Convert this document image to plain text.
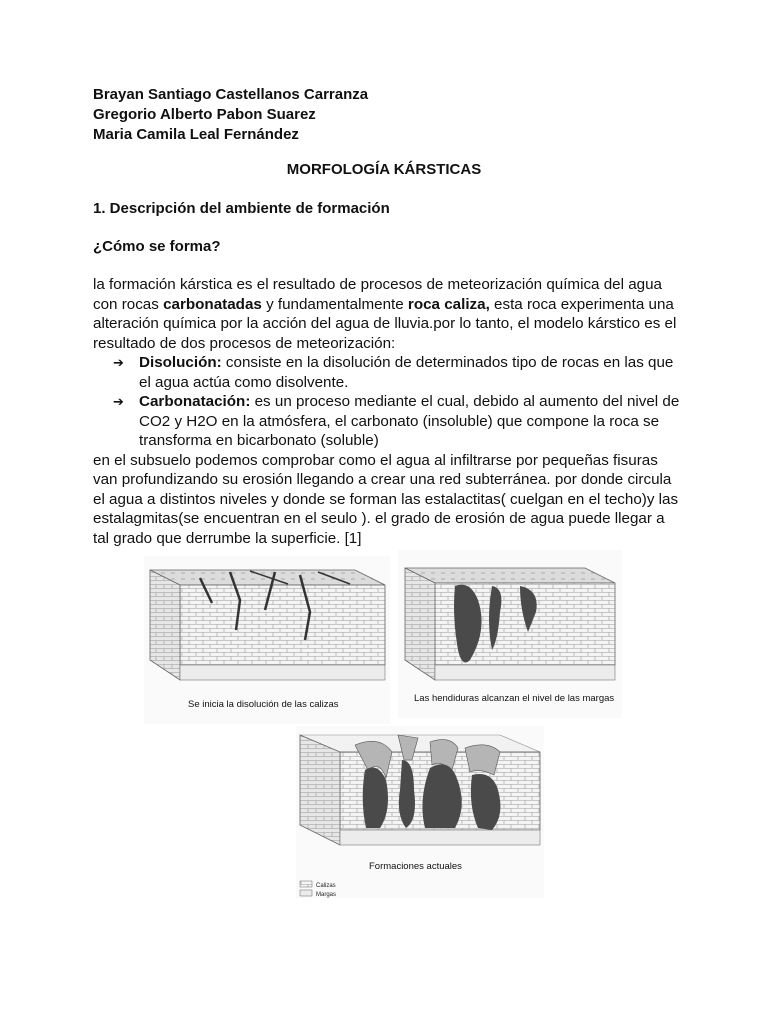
Brayan Santiago Castellanos Carranza
Gregorio Alberto Pabon Suarez
Maria Camila Leal Fernández
MORFOLOGÍA KÁRSTICAS
1. Descripción del ambiente de formación
¿Cómo se forma?

la formación kárstica es el resultado de procesos de meteorización química del agua con rocas carbonatadas y fundamentalmente roca caliza, esta roca experimenta una alteración química por la acción del agua de lluvia.por lo tanto, el modelo kárstico es el resultado de dos procesos de meteorización:

➔ Disolución: consiste en la disolución de determinados tipo de rocas en las que el agua actúa como disolvente.
➔ Carbonatación: es un proceso mediante el cual, debido al aumento del nivel de CO2 y H2O en la atmósfera, el carbonato (insoluble) que compone la roca se transforma en bicarbonato (soluble)

en el subsuelo podemos comprobar como el agua al infiltrarse por pequeñas fisuras van profundizando su erosión llegando a crear una red subterránea. por donde circula el agua a distintos niveles y donde se forman las estalactitas( cuelgan en el techo)y las estalagmitas(se encuentran en el seulo ). el grado de erosión de agua puede llegar a tal grado que derrumbe la superficie. [1]

Se inicia la disolución de las calizas
Las hendiduras alcanzan el nivel de las margas
Formaciones actuales
Calizas
Margas
